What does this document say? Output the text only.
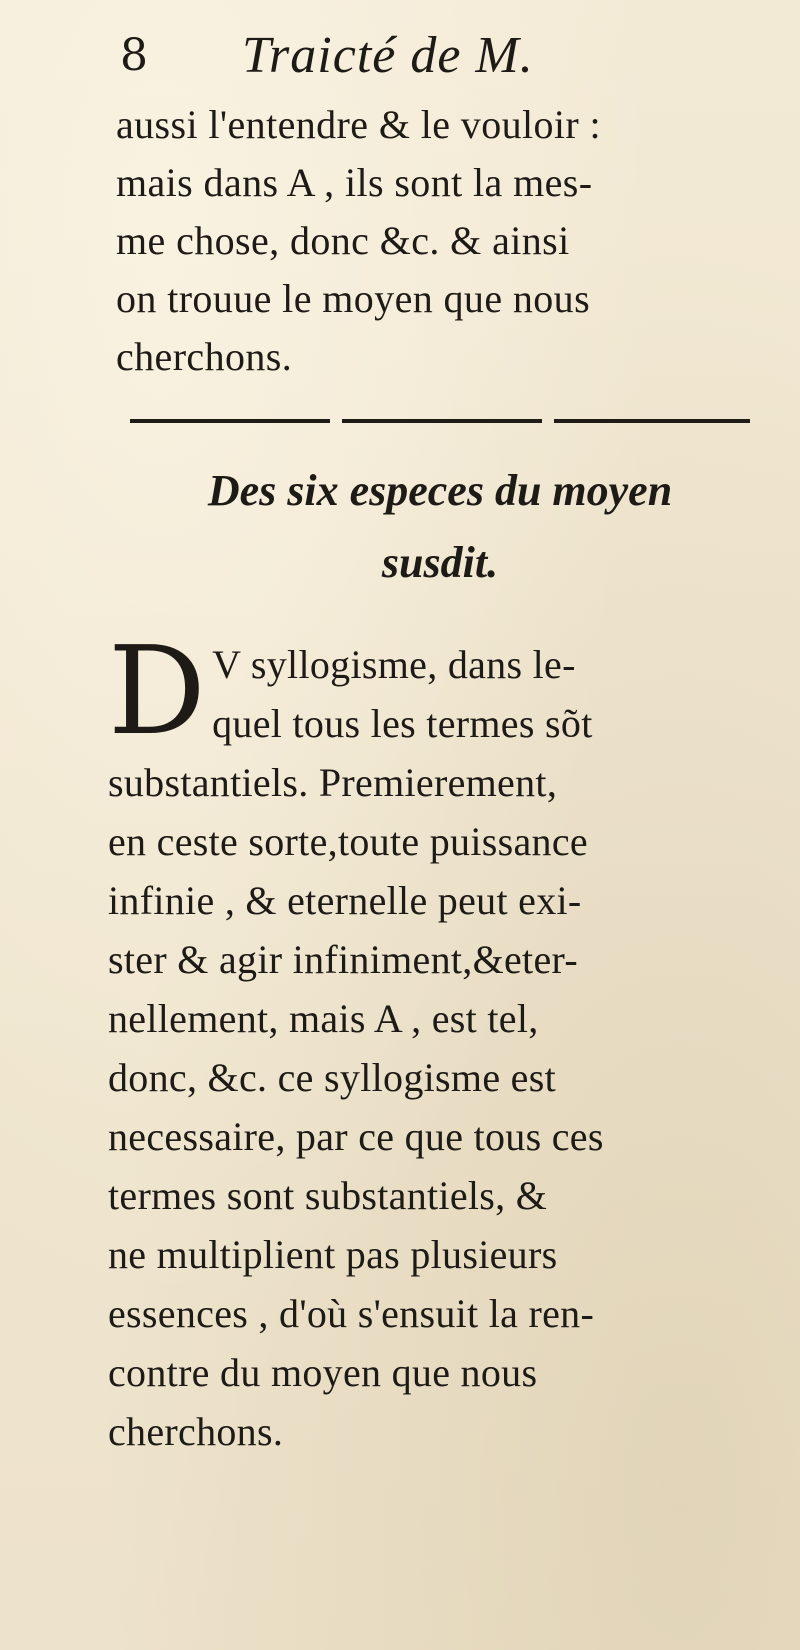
8 Traicté de M.
aussi l'entendre & le vouloir :
mais dans A , ils sont la mes-
me chose, donc &c. & ainsi
on trouue le moyen que nous
cherchons.
Des six especes du moyen
susdit.
D V syllogisme, dans le-
quel tous les termes sõt
substantiels. Premierement,
en ceste sorte,toute puissance
infinie , & eternelle peut exi-
ster & agir infiniment,&eter-
nellement, mais A , est tel,
donc, &c. ce syllogisme est
necessaire, par ce que tous ces
termes sont substantiels, &
ne multiplient pas plusieurs
essences , d'où s'ensuit la ren-
contre du moyen que nous
cherchons.
